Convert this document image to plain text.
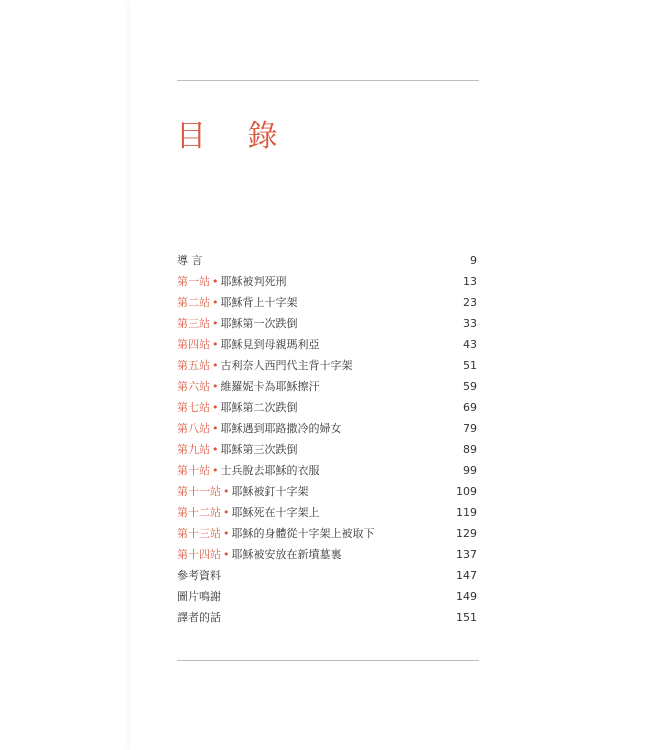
目 錄
導 言	9
第一站 • 耶穌被判死刑	13
第二站 • 耶穌背上十字架	23
第三站 • 耶穌第一次跌倒	33
第四站 • 耶穌見到母親瑪利亞	43
第五站 • 古利奈人西門代主背十字架	51
第六站 • 維羅妮卡為耶穌擦汗	59
第七站 • 耶穌第二次跌倒	69
第八站 • 耶穌遇到耶路撒冷的婦女	79
第九站 • 耶穌第三次跌倒	89
第十站 • 士兵脫去耶穌的衣服	99
第十一站 • 耶穌被釘十字架	109
第十二站 • 耶穌死在十字架上	119
第十三站 • 耶穌的身體從十字架上被取下	129
第十四站 • 耶穌被安放在新墳墓裏	137
參考資料	147
圖片鳴謝	149
譯者的話	151
